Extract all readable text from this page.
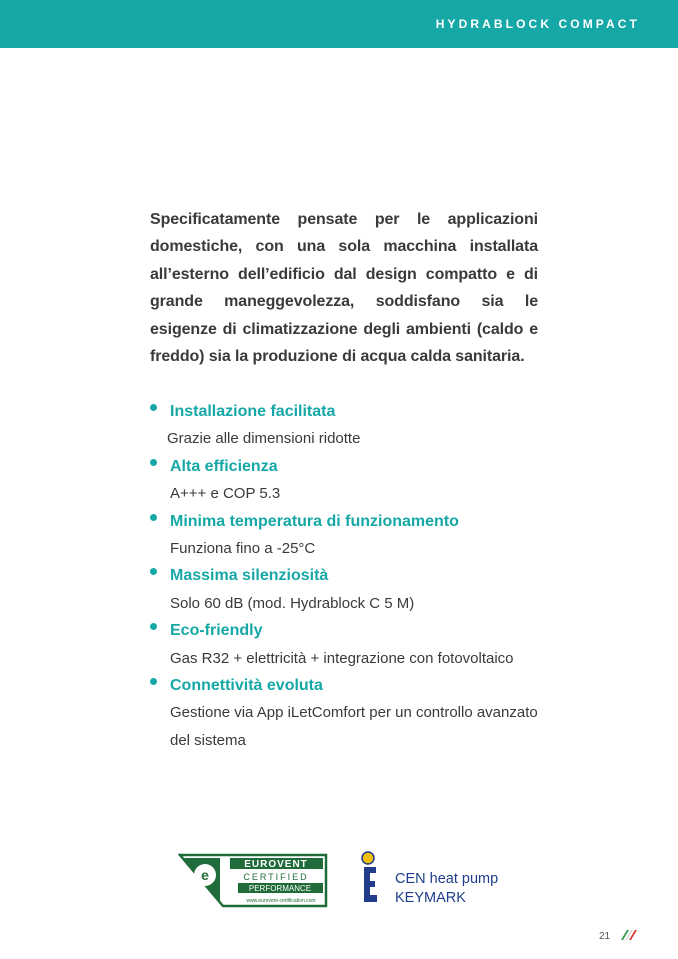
HYDRABLOCK COMPACT

Specificatamente pensate per le applicazioni domestiche, con una sola macchina installata all’esterno dell’edificio dal design compatto e di grande maneggevolezza, soddisfano sia le esigenze di climatizzazione degli ambienti (caldo e freddo) sia la produzione di acqua calda sanitaria.

Installazione facilitata
Grazie alle dimensioni ridotte
Alta efficienza
A+++ e COP 5.3
Minima temperatura di funzionamento
Funziona fino a -25°C
Massima silenziosità
Solo 60 dB (mod. Hydrablock C 5 M)
Eco-friendly
Gas R32 + elettricità + integrazione con fotovoltaico
Connettività evoluta
Gestione via App iLetComfort per un controllo avanzato del sistema
e
EUROVENT
CERTIFIED
PERFORMANCE
www.eurovent-certification.com
CEN heat pump
KEYMARK
21
